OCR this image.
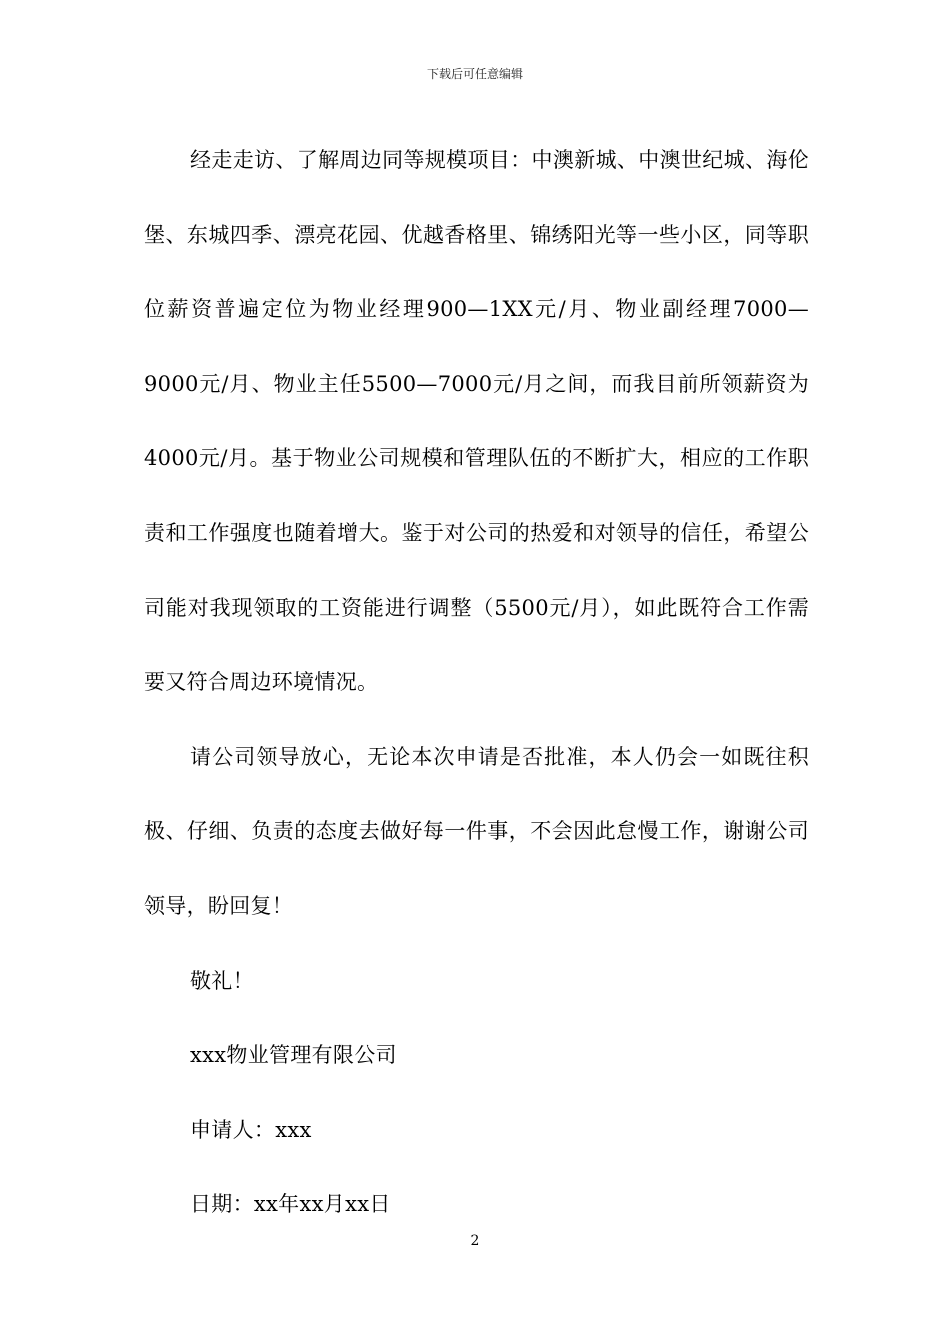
下载后可任意编辑

经走走访、了解周边同等规模项目：中澳新城、中澳世纪城、海伦堡、东城四季、漂亮花园、优越香格里、锦绣阳光等一些小区，同等职位薪资普遍定位为物业经理900—1XX元/月、物业副经理7000—9000元/月、物业主任5500—7000元/月之间，而我目前所领薪资为4000元/月。基于物业公司规模和管理队伍的不断扩大，相应的工作职责和工作强度也随着增大。鉴于对公司的热爱和对领导的信任，希望公司能对我现领取的工资能进行调整（5500元/月），如此既符合工作需要又符合周边环境情况。

请公司领导放心，无论本次申请是否批准，本人仍会一如既往积极、仔细、负责的态度去做好每一件事，不会因此怠慢工作，谢谢公司领导，盼回复！

敬礼！

xxx物业管理有限公司

申请人：xxx

日期：xx年xx月xx日

2
